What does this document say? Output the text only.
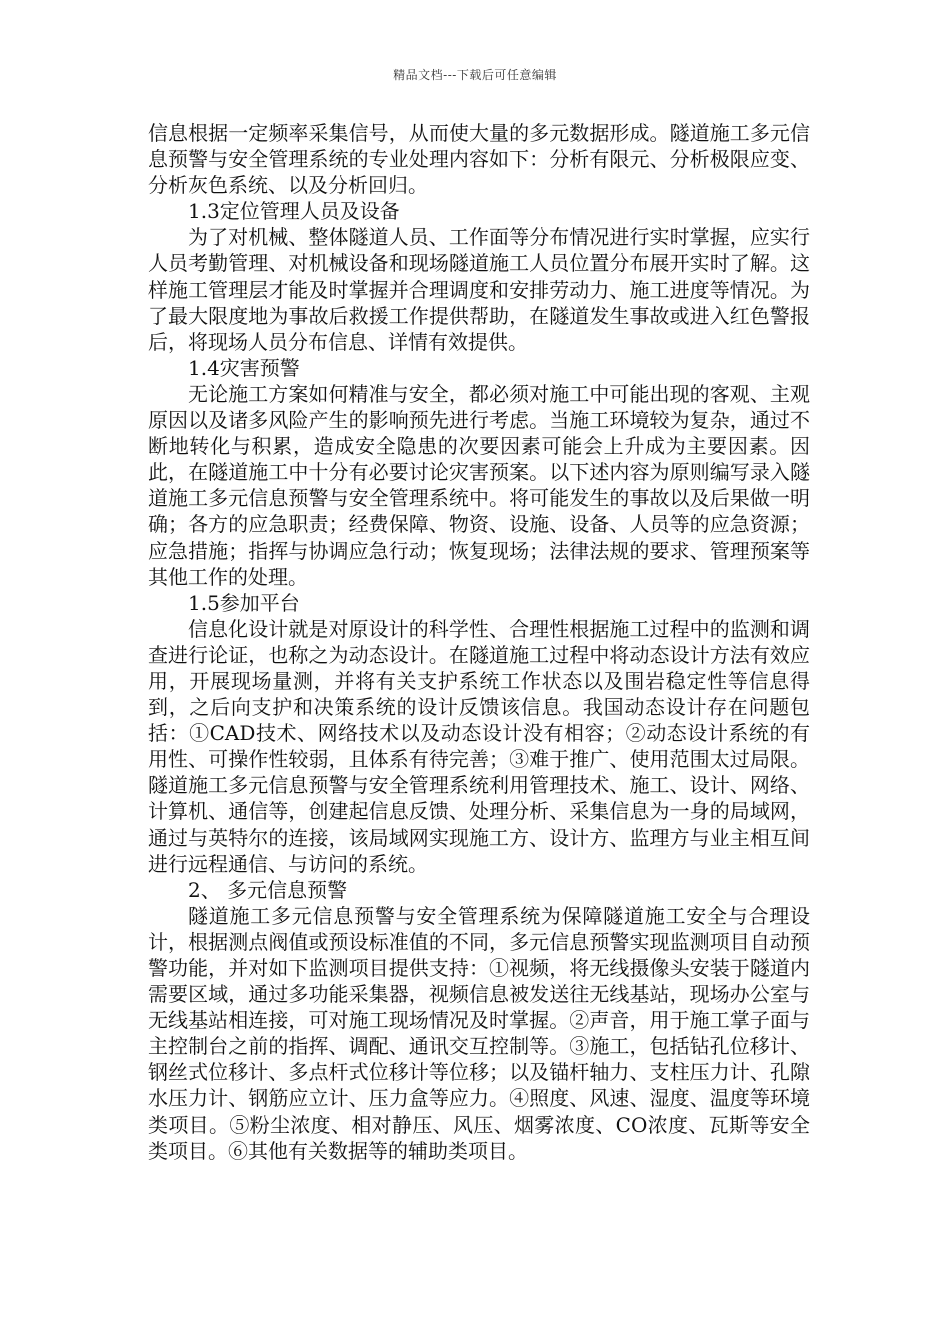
精品文档---下载后可任意编辑

信息根据一定频率采集信号，从而使大量的多元数据形成。隧道施工多元信息预警与安全管理系统的专业处理内容如下：分析有限元、分析极限应变、分析灰色系统、以及分析回归。

1.3定位管理人员及设备

为了对机械、整体隧道人员、工作面等分布情况进行实时掌握，应实行人员考勤管理、对机械设备和现场隧道施工人员位置分布展开实时了解。这样施工管理层才能及时掌握并合理调度和安排劳动力、施工进度等情况。为了最大限度地为事故后救援工作提供帮助，在隧道发生事故或进入红色警报后，将现场人员分布信息、详情有效提供。

1.4灾害预警

无论施工方案如何精准与安全，都必须对施工中可能出现的客观、主观原因以及诸多风险产生的影响预先进行考虑。当施工环境较为复杂，通过不断地转化与积累，造成安全隐患的次要因素可能会上升成为主要因素。因此，在隧道施工中十分有必要讨论灾害预案。以下述内容为原则编写录入隧道施工多元信息预警与安全管理系统中。将可能发生的事故以及后果做一明确；各方的应急职责；经费保障、物资、设施、设备、人员等的应急资源；应急措施；指挥与协调应急行动；恢复现场；法律法规的要求、管理预案等其他工作的处理。

1.5参加平台

信息化设计就是对原设计的科学性、合理性根据施工过程中的监测和调查进行论证，也称之为动态设计。在隧道施工过程中将动态设计方法有效应用，开展现场量测，并将有关支护系统工作状态以及围岩稳定性等信息得到，之后向支护和决策系统的设计反馈该信息。我国动态设计存在问题包括：①CAD技术、网络技术以及动态设计没有相容；②动态设计系统的有用性、可操作性较弱，且体系有待完善；③难于推广、使用范围太过局限。隧道施工多元信息预警与安全管理系统利用管理技术、施工、设计、网络、计算机、通信等，创建起信息反馈、处理分析、采集信息为一身的局域网，通过与英特尔的连接，该局域网实现施工方、设计方、监理方与业主相互间进行远程通信、与访问的系统。

2、 多元信息预警

隧道施工多元信息预警与安全管理系统为保障隧道施工安全与合理设计，根据测点阀值或预设标准值的不同，多元信息预警实现监测项目自动预警功能，并对如下监测项目提供支持：①视频，将无线摄像头安装于隧道内需要区域，通过多功能采集器，视频信息被发送往无线基站，现场办公室与无线基站相连接，可对施工现场情况及时掌握。②声音，用于施工掌子面与主控制台之前的指挥、调配、通讯交互控制等。③施工，包括钻孔位移计、钢丝式位移计、多点杆式位移计等位移；以及锚杆轴力、支柱压力计、孔隙水压力计、钢筋应立计、压力盒等应力。④照度、风速、湿度、温度等环境类项目。⑤粉尘浓度、相对静压、风压、烟雾浓度、CO浓度、瓦斯等安全类项目。⑥其他有关数据等的辅助类项目。
